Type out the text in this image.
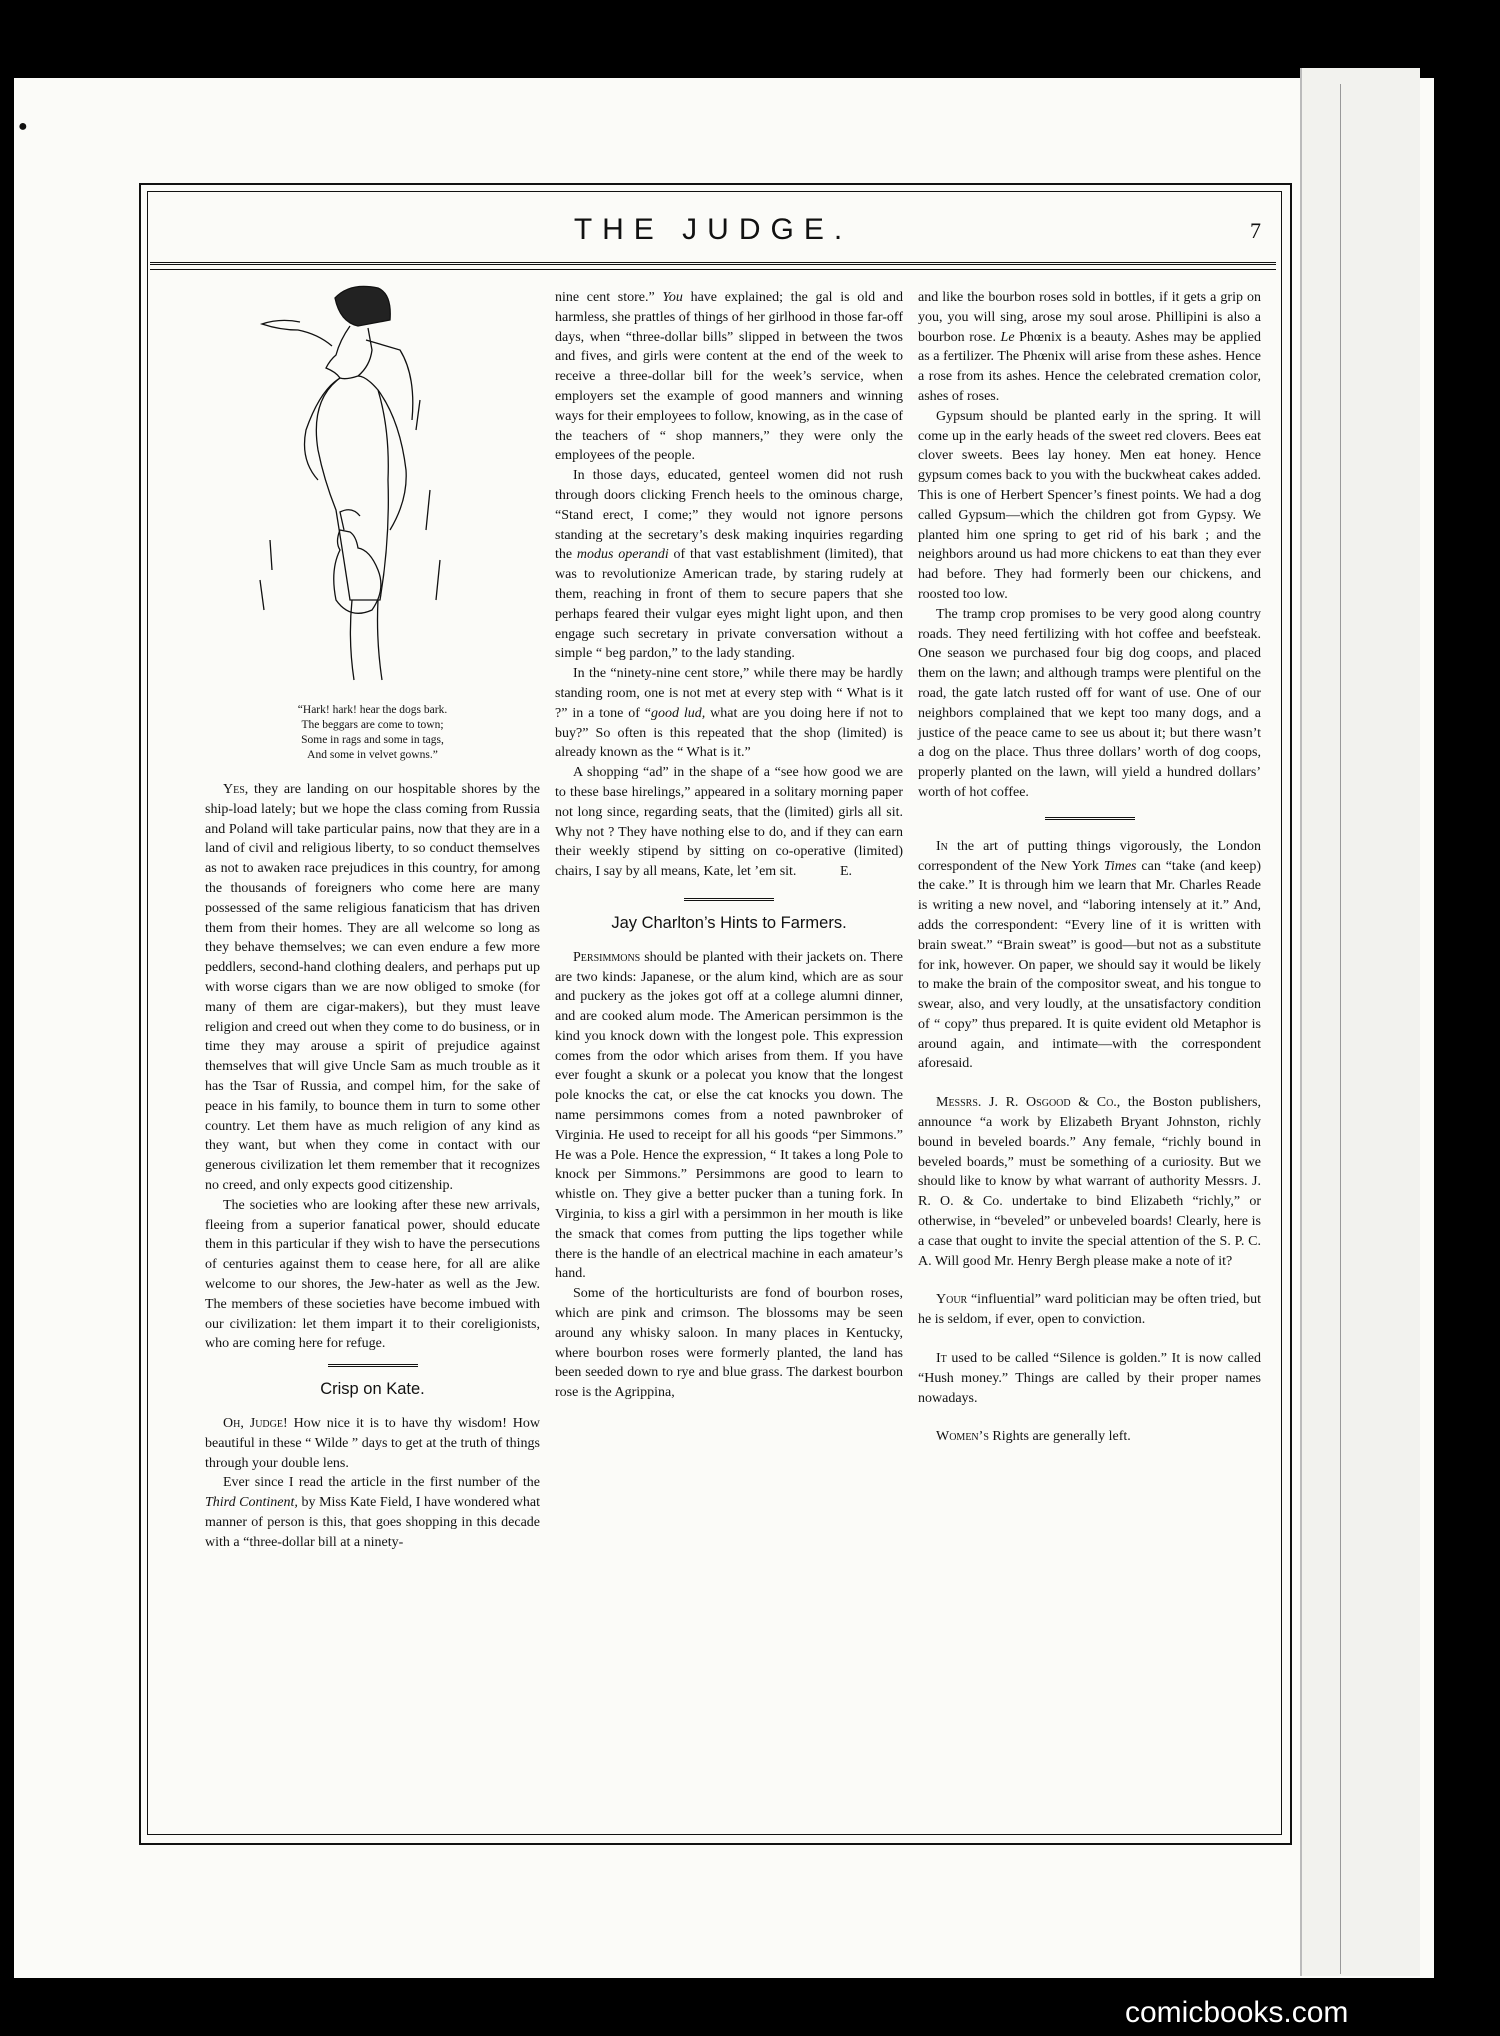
●
THE JUDGE.	7
“Hark! hark! hear the dogs bark.
The beggars are come to town;
Some in rags and some in tags,
And some in velvet gowns.”

Yes, they are landing on our hospitable shores by the ship-load lately; but we hope the class coming from Russia and Poland will take particular pains, now that they are in a land of civil and religious liberty, to so conduct themselves as not to awaken race prejudices in this country, for among the thousands of foreigners who come here are many possessed of the same religious fanaticism that has driven them from their homes. They are all welcome so long as they behave themselves; we can even endure a few more peddlers, second-hand clothing dealers, and perhaps put up with worse cigars than we are now obliged to smoke (for many of them are cigar-makers), but they must leave religion and creed out when they come to do business, or in time they may arouse a spirit of prejudice against themselves that will give Uncle Sam as much trouble as it has the Tsar of Russia, and compel him, for the sake of peace in his family, to bounce them in turn to some other country. Let them have as much religion of any kind as they want, but when they come in contact with our generous civilization let them remember that it recognizes no creed, and only expects good citizenship.

The societies who are looking after these new arrivals, fleeing from a superior fanatical power, should educate them in this particular if they wish to have the persecutions of centuries against them to cease here, for all are alike welcome to our shores, the Jew-hater as well as the Jew. The members of these societies have become imbued with our civilization: let them impart it to their coreligionists, who are coming here for refuge.

Crisp on Kate.

Oh, Judge! How nice it is to have thy wisdom! How beautiful in these “ Wilde ” days to get at the truth of things through your double lens.

Ever since I read the article in the first number of the Third Continent, by Miss Kate Field, I have wondered what manner of person is this, that goes shopping in this decade with a “three-dollar bill at a ninety-

nine cent store.” You have explained; the gal is old and harmless, she prattles of things of her girlhood in those far-off days, when “three-dollar bills” slipped in between the twos and fives, and girls were content at the end of the week to receive a three-dollar bill for the week’s service, when employers set the example of good manners and winning ways for their employees to follow, knowing, as in the case of the teachers of “ shop manners,” they were only the employees of the people.

In those days, educated, genteel women did not rush through doors clicking French heels to the ominous charge, “Stand erect, I come;” they would not ignore persons standing at the secretary’s desk making inquiries regarding the modus operandi of that vast establishment (limited), that was to revolutionize American trade, by staring rudely at them, reaching in front of them to secure papers that she perhaps feared their vulgar eyes might light upon, and then engage such secretary in private conversation without a simple “ beg pardon,” to the lady standing.

In the “ninety-nine cent store,” while there may be hardly standing room, one is not met at every step with “ What is it ?” in a tone of “good lud, what are you doing here if not to buy?” So often is this repeated that the shop (limited) is already known as the “ What is it.”

A shopping “ad” in the shape of a “see how good we are to these base hirelings,” appeared in a solitary morning paper not long since, regarding seats, that the (limited) girls all sit. Why not ? They have nothing else to do, and if they can earn their weekly stipend by sitting on co-operative (limited) chairs, I say by all means, Kate, let ’em sit.	E.

Jay Charlton’s Hints to Farmers.

Persimmons should be planted with their jackets on. There are two kinds: Japanese, or the alum kind, which are as sour and puckery as the jokes got off at a college alumni dinner, and are cooked alum mode. The American persimmon is the kind you knock down with the longest pole. This expression comes from the odor which arises from them. If you have ever fought a skunk or a polecat you know that the longest pole knocks the cat, or else the cat knocks you down. The name persimmons comes from a noted pawnbroker of Virginia. He used to receipt for all his goods “per Simmons.” He was a Pole. Hence the expression, “ It takes a long Pole to knock per Simmons.” Persimmons are good to learn to whistle on. They give a better pucker than a tuning fork. In Virginia, to kiss a girl with a persimmon in her mouth is like the smack that comes from putting the lips together while there is the handle of an electrical machine in each amateur’s hand.

Some of the horticulturists are fond of bourbon roses, which are pink and crimson. The blossoms may be seen around any whisky saloon. In many places in Kentucky, where bourbon roses were formerly planted, the land has been seeded down to rye and blue grass. The darkest bourbon rose is the Agrippina,

and like the bourbon roses sold in bottles, if it gets a grip on you, you will sing, arose my soul arose. Phillipini is also a bourbon rose. Le Phœnix is a beauty. Ashes may be applied as a fertilizer. The Phœnix will arise from these ashes. Hence a rose from its ashes. Hence the celebrated cremation color, ashes of roses.

Gypsum should be planted early in the spring. It will come up in the early heads of the sweet red clovers. Bees eat clover sweets. Bees lay honey. Men eat honey. Hence gypsum comes back to you with the buckwheat cakes added. This is one of Herbert Spencer’s finest points. We had a dog called Gypsum—which the children got from Gypsy. We planted him one spring to get rid of his bark ; and the neighbors around us had more chickens to eat than they ever had before. They had formerly been our chickens, and roosted too low.

The tramp crop promises to be very good along country roads. They need fertilizing with hot coffee and beefsteak. One season we purchased four big dog coops, and placed them on the lawn; and although tramps were plentiful on the road, the gate latch rusted off for want of use. One of our neighbors complained that we kept too many dogs, and a justice of the peace came to see us about it; but there wasn’t a dog on the place. Thus three dollars’ worth of dog coops, properly planted on the lawn, will yield a hundred dollars’ worth of hot coffee.

In the art of putting things vigorously, the London correspondent of the New York Times can “take (and keep) the cake.” It is through him we learn that Mr. Charles Reade is writing a new novel, and “laboring intensely at it.” And, adds the correspondent: “Every line of it is written with brain sweat.” “Brain sweat” is good—but not as a substitute for ink, however. On paper, we should say it would be likely to make the brain of the compositor sweat, and his tongue to swear, also, and very loudly, at the unsatisfactory condition of “ copy” thus prepared. It is quite evident old Metaphor is around again, and intimate—with the correspondent aforesaid.

Messrs. J. R. Osgood & Co., the Boston publishers, announce “a work by Elizabeth Bryant Johnston, richly bound in beveled boards.” Any female, “richly bound in beveled boards,” must be something of a curiosity. But we should like to know by what warrant of authority Messrs. J. R. O. & Co. undertake to bind Elizabeth “richly,” or otherwise, in “beveled” or unbeveled boards! Clearly, here is a case that ought to invite the special attention of the S. P. C. A. Will good Mr. Henry Bergh please make a note of it?

Your “influential” ward politician may be often tried, but he is seldom, if ever, open to conviction.

It used to be called “Silence is golden.” It is now called “Hush money.” Things are called by their proper names nowadays.

Women’s Rights are generally left.

comicbooks.com
